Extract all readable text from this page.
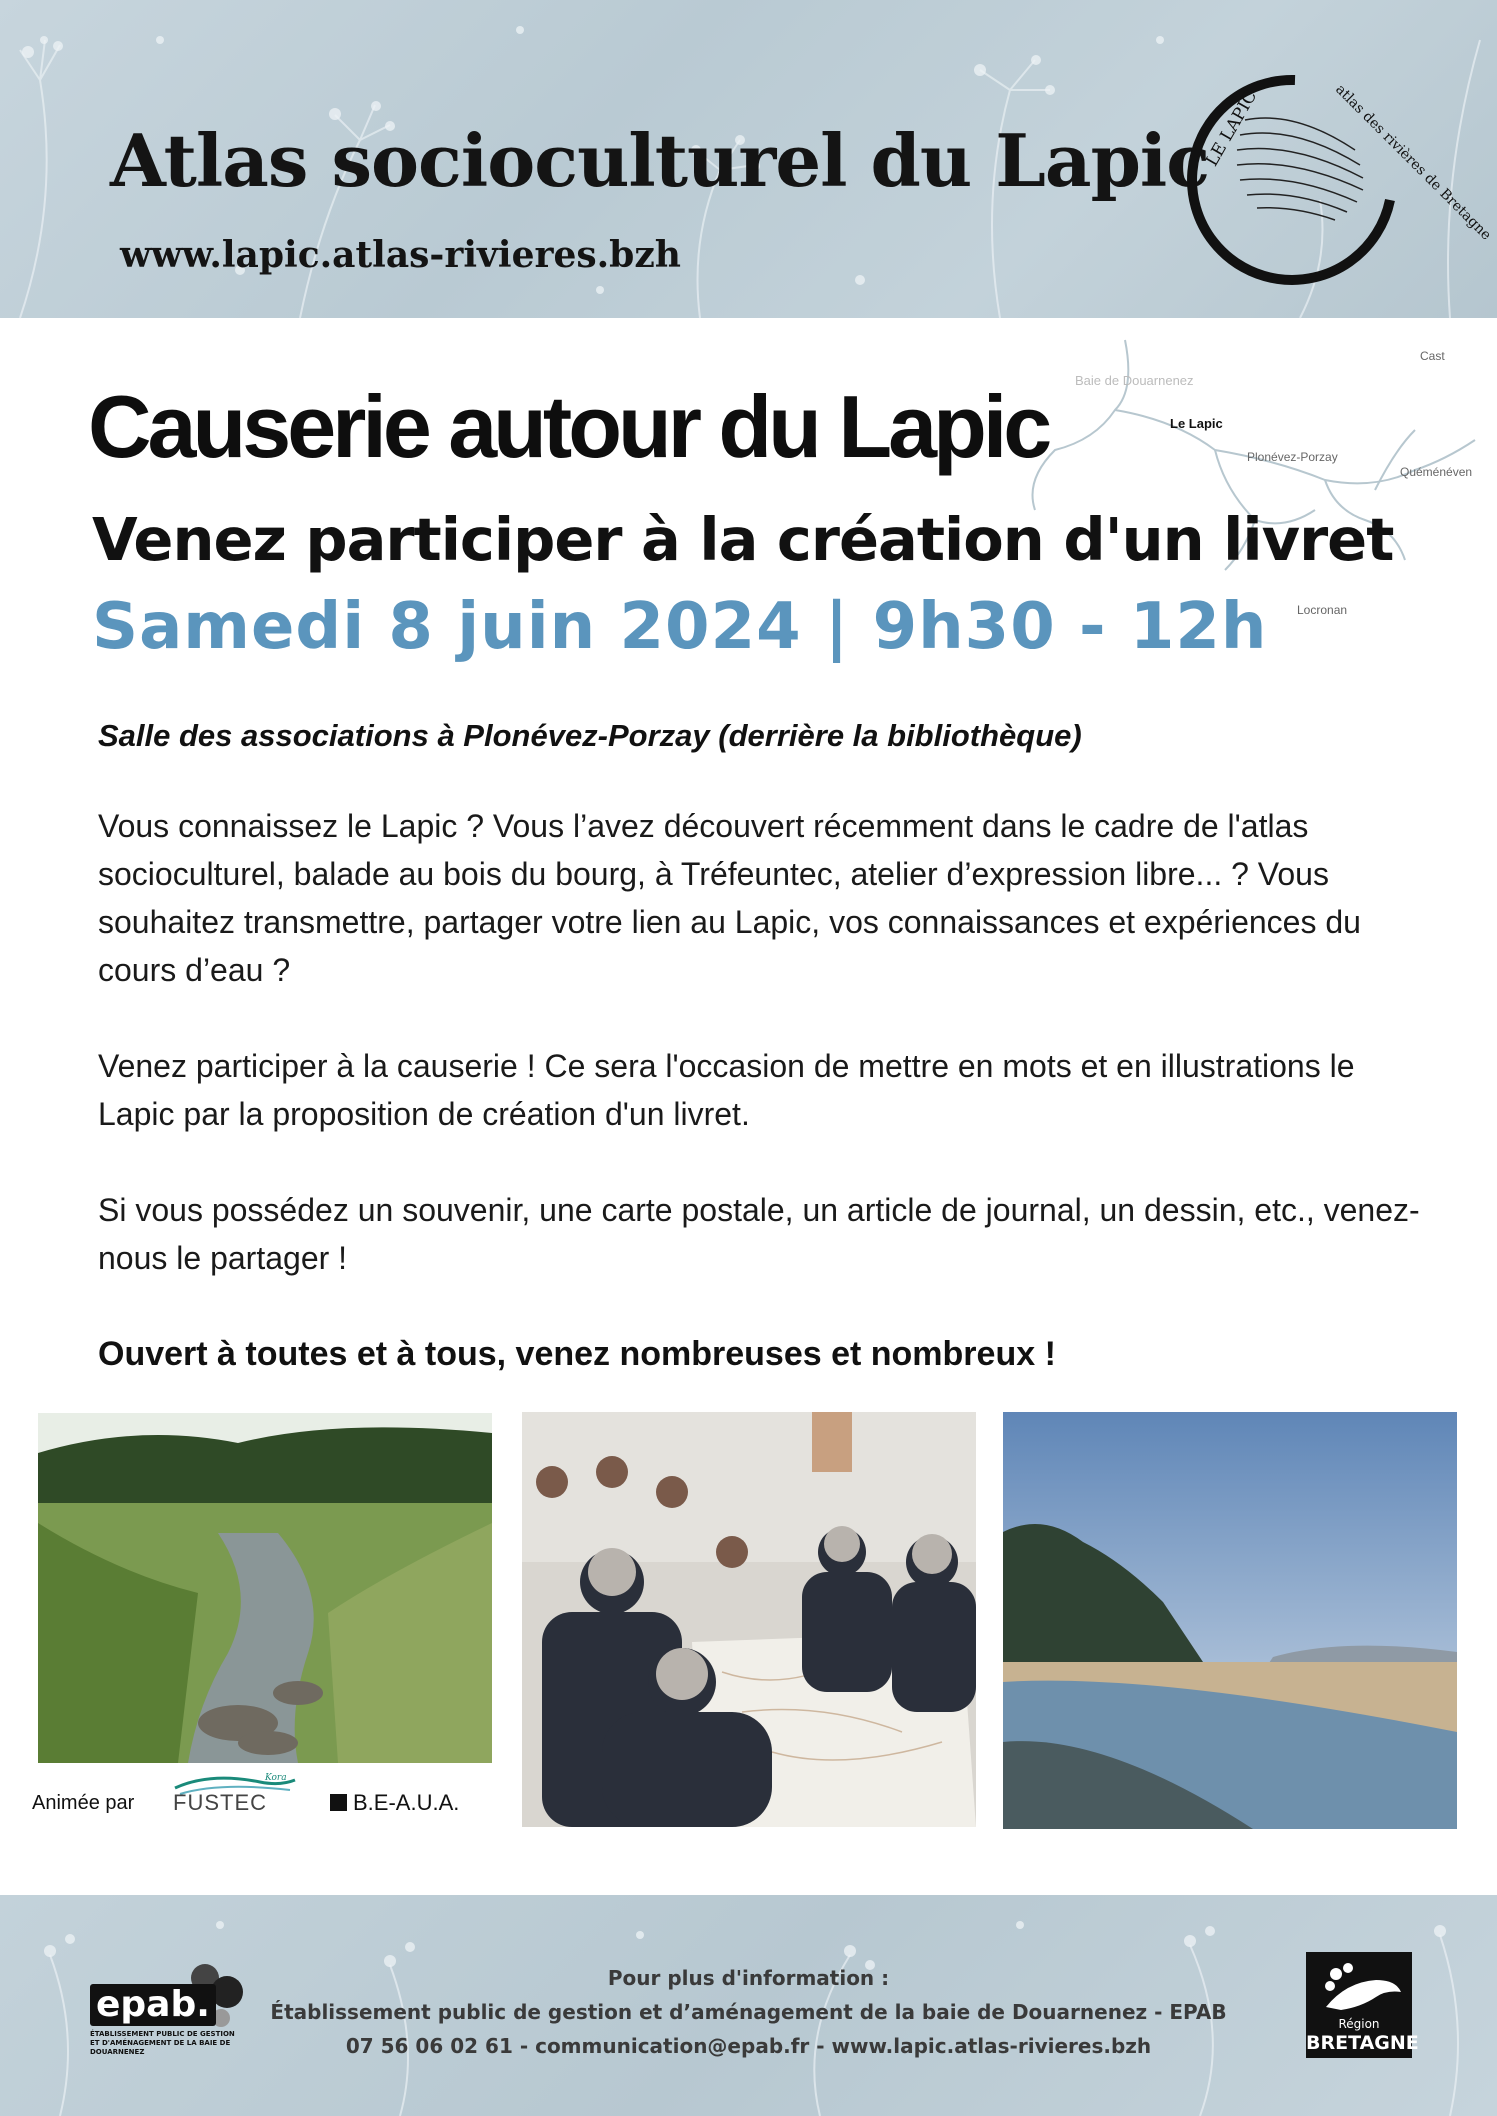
Atlas socioculturel du Lapic
www.lapic.atlas-rivieres.bzh
LE LAPIC	atlas des rivières de Bretagne
Baie de Douarnenez
Le Lapic
Plonévez-Porzay
Quéménéven
Locronan
Cast
Causerie autour du Lapic
Venez participer à la création d'un livret
Samedi 8 juin 2024 | 9h30 - 12h
Salle des associations à Plonévez-Porzay (derrière la bibliothèque)
Vous connaissez le Lapic ? Vous l’avez découvert récemment dans le cadre de l'atlas socioculturel, balade au bois du bourg, à Tréfeuntec, atelier d’expression libre... ? Vous souhaitez transmettre, partager votre lien au Lapic, vos connaissances et expériences du cours d’eau ?
Venez participer à la causerie ! Ce sera l'occasion de mettre en mots et en illustrations le Lapic par la proposition de création d'un livret.
Si vous possédez un souvenir, une carte postale, un article de journal, un dessin, etc., venez-nous le partager !
Ouvert à toutes et à tous, venez nombreuses et nombreux !
Animée par
Kora
FUSTEC	B.E-A.U.A.
Pour plus d'information :
Établissement public de gestion et d’aménagement de la baie de Douarnenez - EPAB
07 56 06 02 61 - communication@epab.fr - www.lapic.atlas-rivieres.bzh
epab.
ÉTABLISSEMENT PUBLIC DE GESTION ET D'AMÉNAGEMENT DE LA BAIE DE DOUARNENEZ
Région
BRETAGNE
